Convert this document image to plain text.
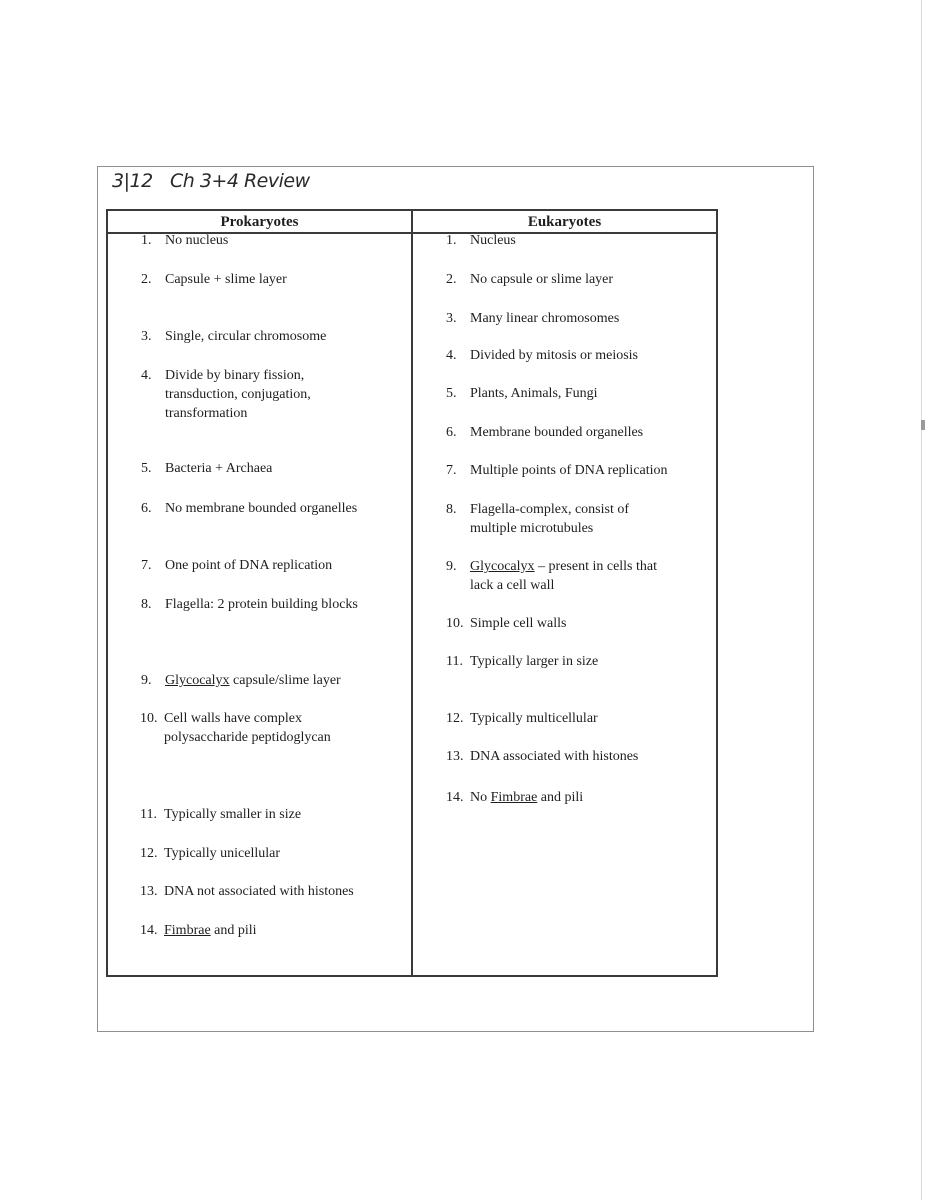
3|12 Ch 3+4 Review
Prokaryotes	Eukaryotes
1. No nucleus
2. Capsule + slime layer
3. Single, circular chromosome
4. Divide by binary fission,
transduction, conjugation,
transformation
5. Bacteria + Archaea
6. No membrane bounded organelles
7. One point of DNA replication
8. Flagella: 2 protein building blocks
9. Glycocalyx capsule/slime layer
10. Cell walls have complex
polysaccharide peptidoglycan
11. Typically smaller in size
12. Typically unicellular
13. DNA not associated with histones
14. Fimbrae and pili
1. Nucleus
2. No capsule or slime layer
3. Many linear chromosomes
4. Divided by mitosis or meiosis
5. Plants, Animals, Fungi
6. Membrane bounded organelles
7. Multiple points of DNA replication
8. Flagella-complex, consist of
multiple microtubules
9. Glycocalyx – present in cells that
lack a cell wall
10. Simple cell walls
11. Typically larger in size
12. Typically multicellular
13. DNA associated with histones
14. No Fimbrae and pili
